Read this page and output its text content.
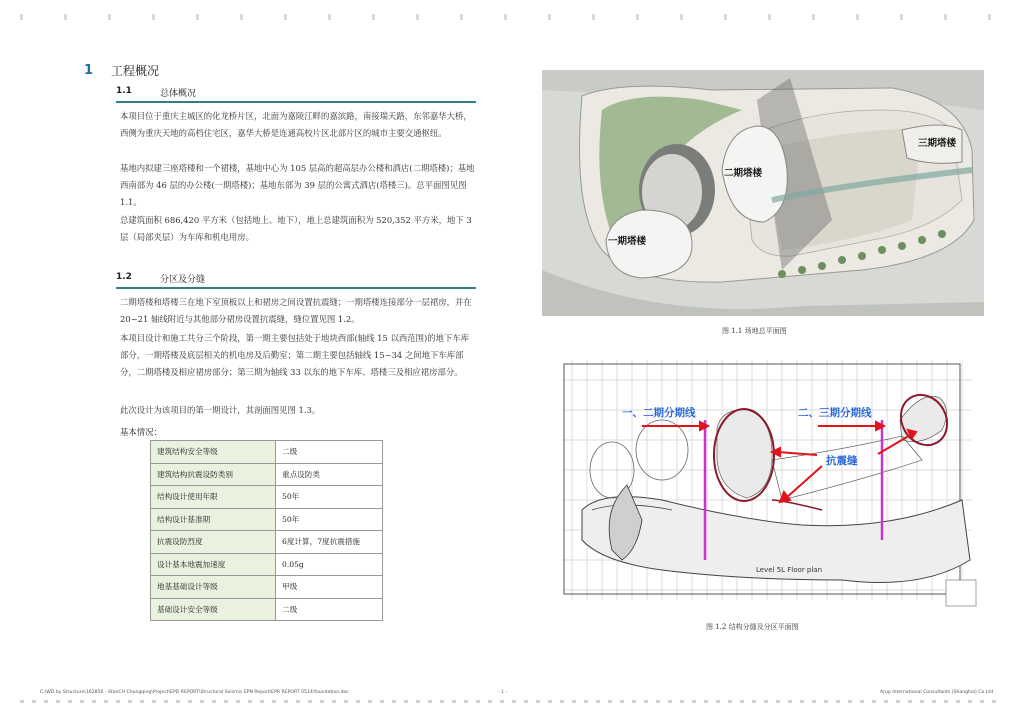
1 工程概况
1.1	总体概况
本项目位于重庆主城区的化龙桥片区，北面为嘉陵江畔的嘉滨路，南接瑞天路，东邻嘉华大桥，西侧为重庆天地的高档住宅区，嘉华大桥是连通高校片区北部片区的城市主要交通枢纽。
基地内拟建三座塔楼和一个裙楼，基地中心为 105 层高的超高层办公楼和酒店(二期塔楼)；基地西南部为 46 层的办公楼(一期塔楼)；基地东部为 39 层的公寓式酒店(塔楼三)。总平面图见图 1.1。
总建筑面积 686,420 平方米（包括地上、地下），地上总建筑面积为 520,352 平方米，地下 3 层（局部夹层）为车库和机电用房。
1.2	分区及分缝
二期塔楼和塔楼三在地下室顶板以上和裙房之间设置抗震缝；一期塔楼连接部分一层裙房，并在 20~21 轴线附近与其他部分裙房设置抗震缝，缝位置见图 1.2。
本项目设计和施工共分三个阶段，第一期主要包括处于地块西部(轴线 15 以西范围)的地下车库部分，一期塔楼及底层相关的机电房及后勤室；第二期主要包括轴线 15~34 之间地下车库部分，二期塔楼及相应裙房部分；第三期为轴线 33 以东的地下车库、塔楼三及相应裙房部分。
此次设计为该项目的第一期设计，其剖面图见图 1.3。
基本情况：
建筑结构安全等级	二级
建筑结构抗震设防类别	重点设防类
结构设计使用年限	50年
结构设计基准期	50年
抗震设防烈度	6度计算，7度抗震措施
设计基本地震加速度	0.05g
地基基础设计等级	甲级
基础设计安全等级	二级
二期塔楼
三期塔楼
一期塔楼
图 1.1 场地总平面图
一、二期分期线	二、三期分期线
抗震缝
Level 5L Floor plan
图 1.2 结构分缝及分区平面图
C:\WD by Structure\162856 - StanCH Chongqing\Project\EPD REPORT\Structural Seismic EPN Report\EPR REPORT 0514\foundation.doc	- 1 -	Arup International Consultants (Shanghai) Co Ltd
